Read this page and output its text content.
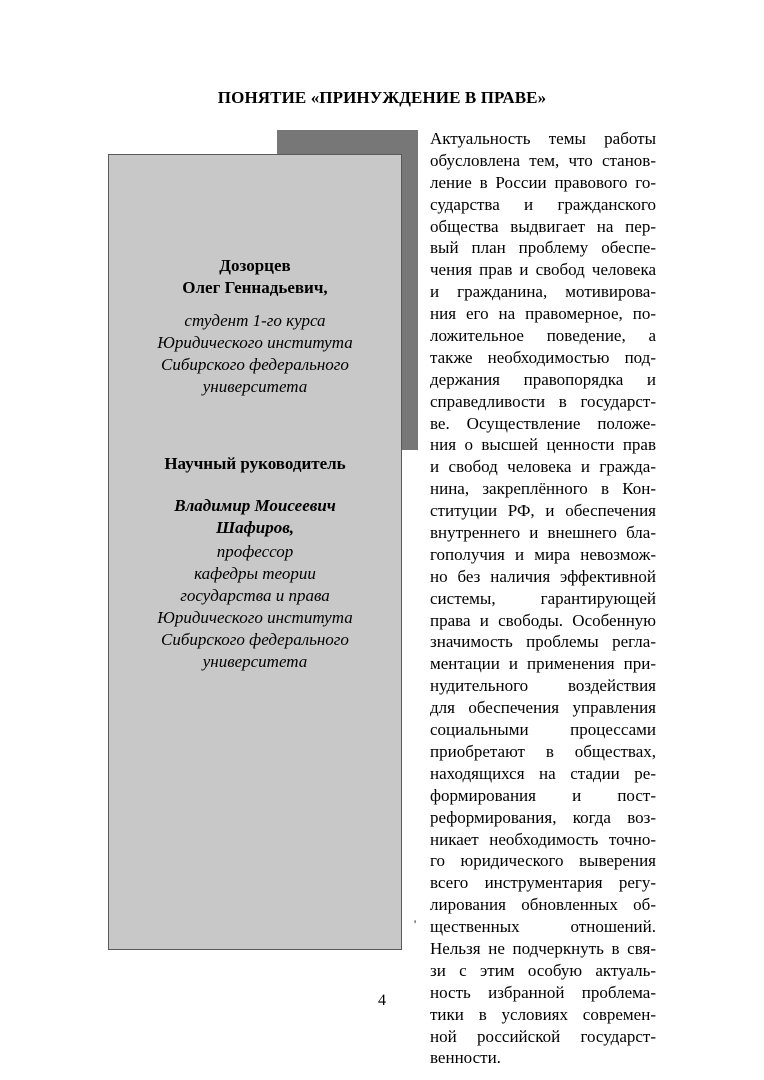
ПОНЯТИЕ «ПРИНУЖДЕНИЕ В ПРАВЕ»
Дозорцев
Олег Геннадьевич,
студент 1-го курса
Юридического института
Сибирского федерального
университета
Научный руководитель
Владимир Моисеевич
Шафиров,
профессор
кафедры теории
государства и права
Юридического института
Сибирского федерального
университета
Актуальность темы работы
обусловлена тем, что станов-
ление в России правового го-
сударства и гражданского
общества выдвигает на пер-
вый план проблему обеспе-
чения прав и свобод человека
и гражданина, мотивирова-
ния его на правомерное, по-
ложительное поведение, а
также необходимостью под-
держания правопорядка и
справедливости в государст-
ве. Осуществление положе-
ния о высшей ценности прав
и свобод человека и гражда-
нина, закреплённого в Кон-
ституции РФ, и обеспечения
внутреннего и внешнего бла-
гополучия и мира невозмож-
но без наличия эффективной
системы, гарантирующей
права и свободы. Особенную
значимость проблемы регла-
ментации и применения при-
нудительного воздействия
для обеспечения управления
социальными процессами
приобретают в обществах,
находящихся на стадии ре-
формирования и пост-
реформирования, когда воз-
никает необходимость точно-
го юридического выверения
всего инструментария регу-
лирования обновленных об-
щественных отношений.
Нельзя не подчеркнуть в свя-
зи с этим особую актуаль-
ность избранной проблема-
тики в условиях современ-
ной российской государст-
венности.
'
4
